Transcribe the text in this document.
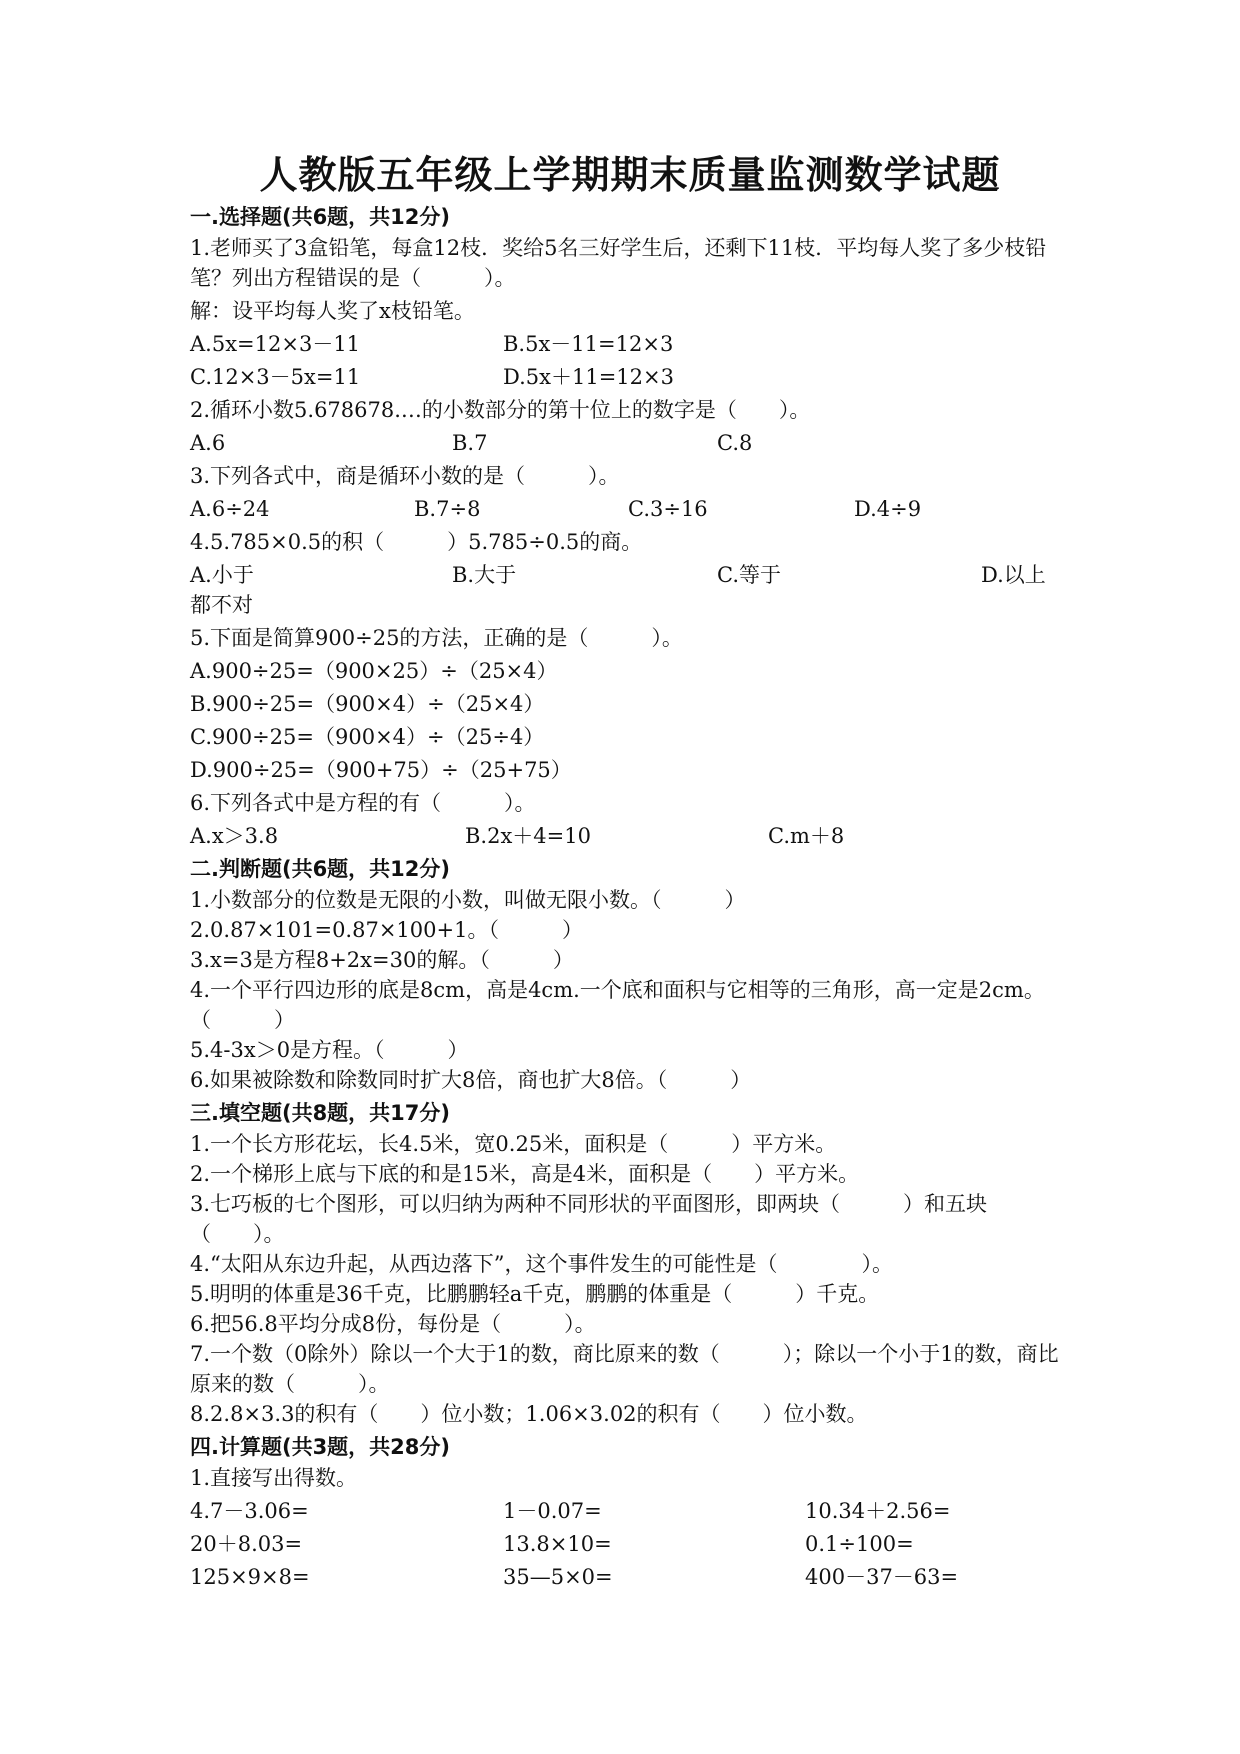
人教版五年级上学期期末质量监测数学试题
一.选择题(共6题，共12分)
1.老师买了3盒铅笔，每盒12枝．奖给5名三好学生后，还剩下11枝．平均每人奖了多少枝铅笔？列出方程错误的是（　　　）。
解：设平均每人奖了x枝铅笔。
A.5x=12×3－11	B.5x－11=12×3
C.12×3－5x=11	D.5x＋11=12×3
2.循环小数5.678678.…的小数部分的第十位上的数字是（　　）。
A.6	B.7	C.8
3.下列各式中，商是循环小数的是（　　　）。
A.6÷24	B.7÷8	C.3÷16	D.4÷9
4.5.785×0.5的积（　　　）5.785÷0.5的商。
A.小于	B.大于	C.等于	D.以上
都不对
5.下面是简算900÷25的方法，正确的是（　　　）。
A.900÷25=（900×25）÷（25×4）
B.900÷25=（900×4）÷（25×4）
C.900÷25=（900×4）÷（25÷4）
D.900÷25=（900+75）÷（25+75）
6.下列各式中是方程的有（　　　）。
A.x＞3.8	B.2x＋4=10	C.m＋8
二.判断题(共6题，共12分)
1.小数部分的位数是无限的小数，叫做无限小数。（　　　）
2.0.87×101=0.87×100+1。（　　　）
3.x=3是方程8+2x=30的解。（　　　）
4.一个平行四边形的底是8cm，高是4cm.一个底和面积与它相等的三角形，高一定是2cm。（　　　）
5.4-3x＞0是方程。（　　　）
6.如果被除数和除数同时扩大8倍，商也扩大8倍。（　　　）
三.填空题(共8题，共17分)
1.一个长方形花坛，长4.5米，宽0.25米，面积是（　　　）平方米。
2.一个梯形上底与下底的和是15米，高是4米，面积是（　　）平方米。
3.七巧板的七个图形，可以归纳为两种不同形状的平面图形，即两块（　　　）和五块（　　）。
4.“太阳从东边升起，从西边落下”，这个事件发生的可能性是（　　　　）。
5.明明的体重是36千克，比鹏鹏轻a千克，鹏鹏的体重是（　　　）千克。
6.把56.8平均分成8份，每份是（　　　）。
7.一个数（0除外）除以一个大于1的数，商比原来的数（　　　）；除以一个小于1的数，商比原来的数（　　　）。
8.2.8×3.3的积有（　　）位小数；1.06×3.02的积有（　　）位小数。
四.计算题(共3题，共28分)
1.直接写出得数。
4.7－3.06=	1－0.07=	10.34＋2.56=
20＋8.03=	13.8×10=	0.1÷100=
125×9×8=	35—5×0=	400－37－63=
